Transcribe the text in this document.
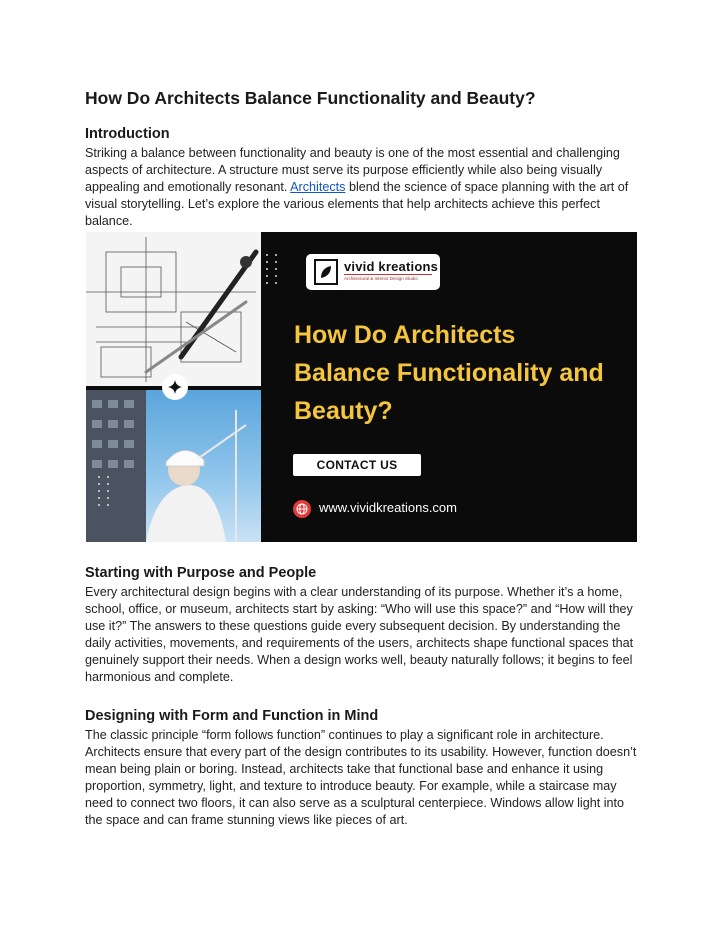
How Do Architects Balance Functionality and Beauty?
Introduction

Striking a balance between functionality and beauty is one of the most essential and challenging aspects of architecture. A structure must serve its purpose efficiently while also being visually appealing and emotionally resonant. Architects blend the science of space planning with the art of visual storytelling. Let’s explore the various elements that help architects achieve this perfect balance.

vivid kreations
Architectural & Interior Design Studio
How Do Architects Balance Functionality and Beauty?
CONTACT US
www.vividkreations.com
Starting with Purpose and People

Every architectural design begins with a clear understanding of its purpose. Whether it’s a home, school, office, or museum, architects start by asking: “Who will use this space?” and “How will they use it?” The answers to these questions guide every subsequent decision. By understanding the daily activities, movements, and requirements of the users, architects shape functional spaces that genuinely support their needs. When a design works well, beauty naturally follows; it begins to feel harmonious and complete.

Designing with Form and Function in Mind

The classic principle “form follows function” continues to play a significant role in architecture. Architects ensure that every part of the design contributes to its usability. However, function doesn’t mean being plain or boring. Instead, architects take that functional base and enhance it using proportion, symmetry, light, and texture to introduce beauty. For example, while a staircase may need to connect two floors, it can also serve as a sculptural centerpiece. Windows allow light into the space and can frame stunning views like pieces of art.
